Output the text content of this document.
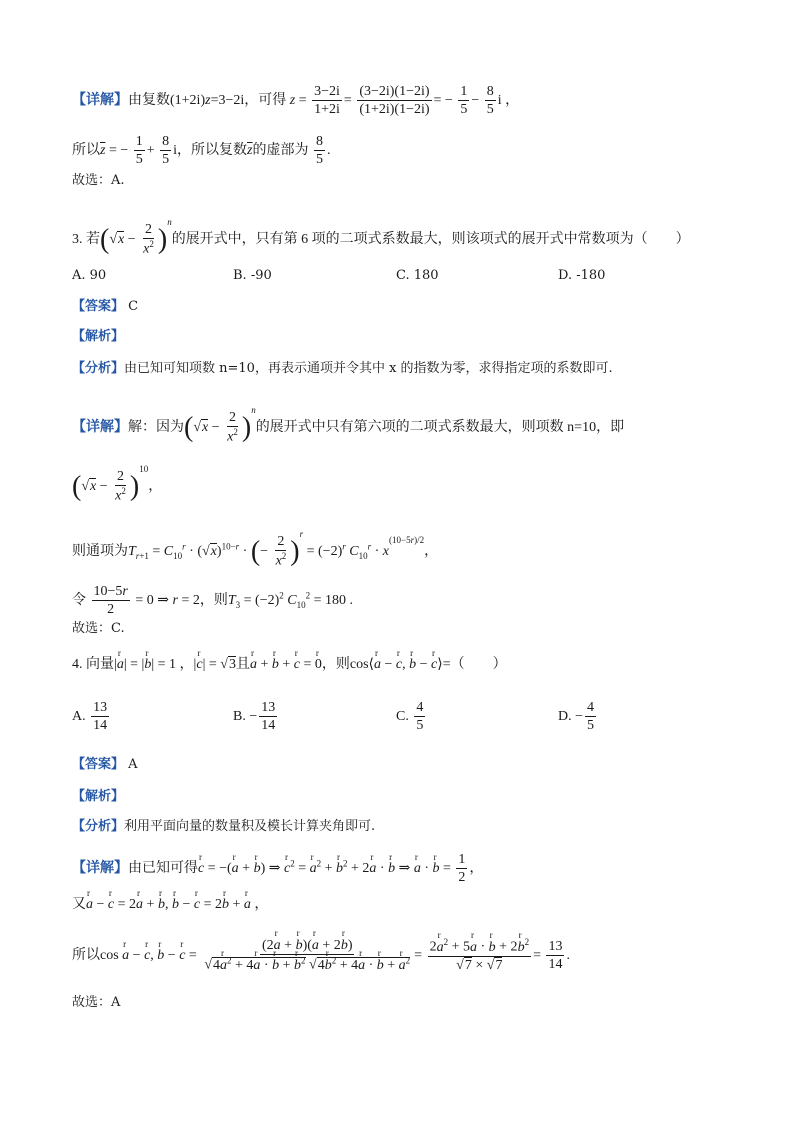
【详解】由复数(1+2i)z=3−2i，可得 $z = \frac{3-2i}{1+2i} = \frac{(3-2i)(1-2i)}{(1+2i)(1-2i)}$ = − $\frac{1}{5} - \frac{8}{5}$ i ，
所以$\overline{z}$ = − $\frac{1}{5} + \frac{8}{5}$ i，所以复数$\overline{z}$的虚部为 $\frac{8}{5}$ .
故选：A.
3. 若$(√x - \frac{2}{x^2} )^n$的展开式中，只有第 6 项的二项式系数最大，则该项式的展开式中常数项为（　　）
A. 90	B. -90	C. 180	D. -180
【答案】 C
【解析】
【分析】由已知可知项数 n=10，再表示通项并令其中 x 的指数为零，求得指定项的系数即可.
【详解】解：因为$(√x - \frac{2}{x^2} )^n$的展开式中只有第六项的二项式系数最大，则项数 n=10，即
$(√x - \frac{2}{x^2} )^{10}$，
则通项为$T_{r+1} = C_{10}^r \cdot (√x)^{10-r}$ · (− $\frac{2}{x^2} )^r = (-2)^r$ $C_{10}^r \cdot x^{(10-5r)/2}$，
令 $\frac{10-5r}{2} = 0$ ⇒ r = 2，则$T_3 = (-2)^2$ $C_{10}^2 = 180$ .
故选：C.
4. 向量|r a| = |r b| = 1 ，|r c| = √3且r a + r b + r c = r 0，则cos⟨r a − r c, r b − r c⟩=（　　）
A. $\frac{13}{14}$	B. − $\frac{13}{14}$	C. $\frac{4}{5}$	D. − $\frac{4}{5}$
【答案】 A
【解析】
【分析】利用平面向量的数量积及模长计算夹角即可.
【详解】由已知可得r c = −(r a + r b) ⇒ r $c^2 = r$ $a^2 + r$ $b^2 + 2r$ a · r b ⇒ r a · r $b = \frac{1}{2}$ ，
又r a − r c = 2r a + r b, r b − r c = 2r b + r a ，
所以cos r a − r c, r b − r $c = \frac{\text{(2r a + r b)(r a + 2r b)}}{√4r a^2 + 4r a \cdot r b + r b^2 √4r b^2 + 4r a \cdot r b + r a^2} = \frac{2r a^2 + 5r a \cdot r b + 2r b^2}{√7 \times √7} = \frac{13}{14}$ .
故选：A
